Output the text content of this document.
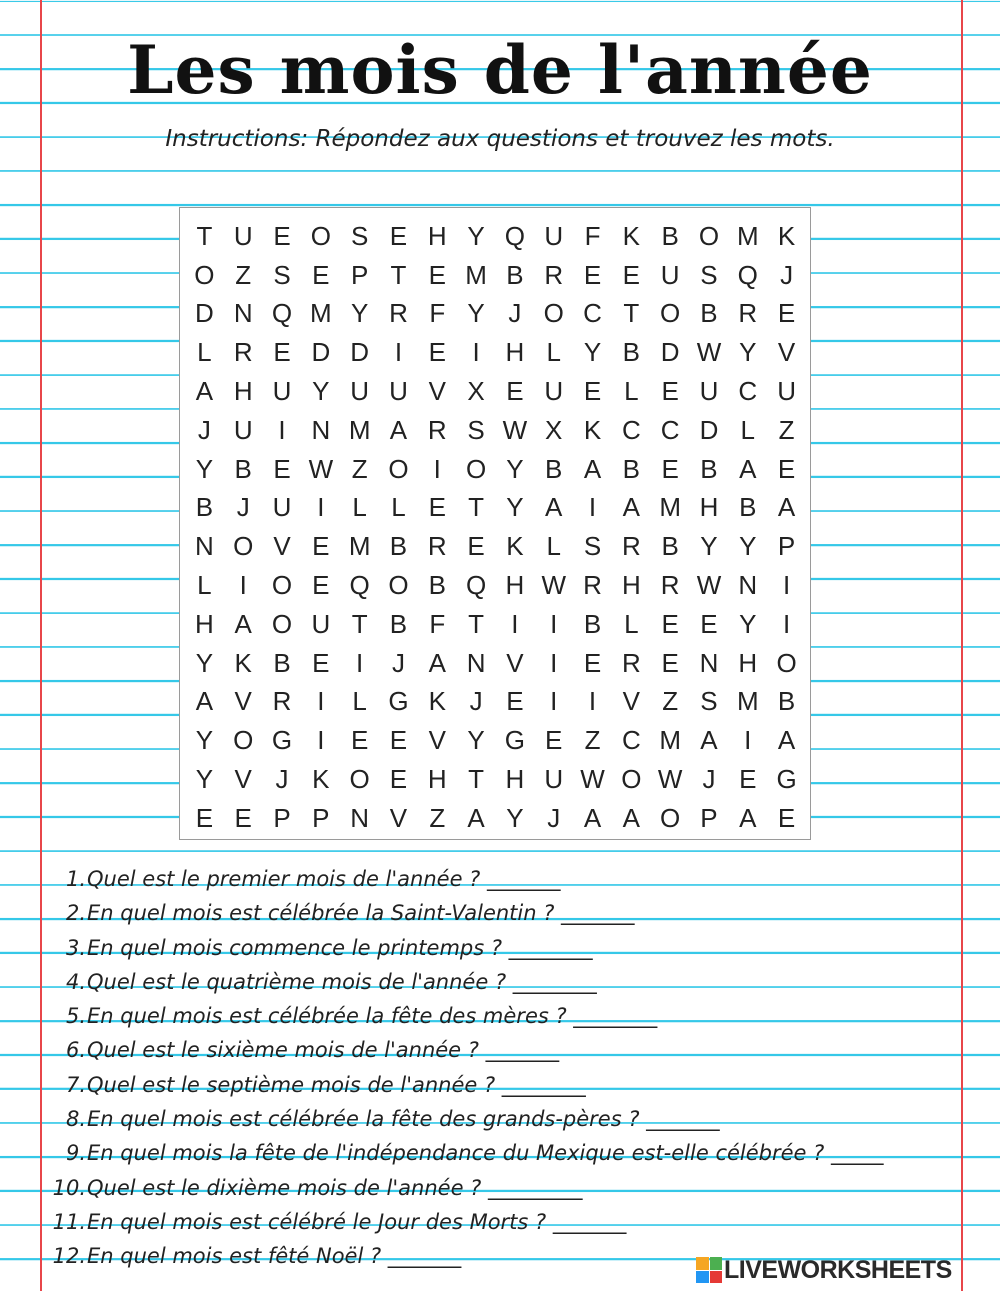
Les mois de l'année
Instructions: Répondez aux questions et trouvez les mots.
T U E O S E H Y Q U F K B O M K
O Z S E P T E M B R E E U S Q J
D N Q M Y R F Y J O C T O B R E
L R E D D I	E	I H L Y B D W Y V
A H U Y U U V X E U E L E U C U
J U I N M A R S W X K C C D L Z
Y B E W Z O I O Y B A B E B A E
B J U I	L L E T Y A	I	A M H B A
N O V E M B R E K L S R B Y Y P
L	I O E Q O B Q H W R H R W N I
H A O U T B F T	I	I	B L E E Y	I
Y K B E	I	J A N V	I	E R E N H O
A V R I	L G K J E	I	I	V Z S M B
Y O G I	E E V Y G E Z C M A	I	A
Y V J K O E H T H U W O W J E G
E E P P N V Z A Y J A A O P A E
1. Quel est le premier mois de l'année ? _______
2. En quel mois est célébrée la Saint-Valentin ? _______
3. En quel mois commence le printemps ? ________
4. Quel est le quatrième mois de l'année ? ________
5. En quel mois est célébrée la fête des mères ? ________
6. Quel est le sixième mois de l'année ? _______
7. Quel est le septième mois de l'année ? ________
8. En quel mois est célébrée la fête des grands-pères ? _______
9. En quel mois la fête de l'indépendance du Mexique est-elle célébrée ? _____
10. Quel est le dixième mois de l'année ? _________
11. En quel mois est célébré le Jour des Morts ? _______
12. En quel mois est fêté Noël ? _______	LIVEWORKSHEETS
